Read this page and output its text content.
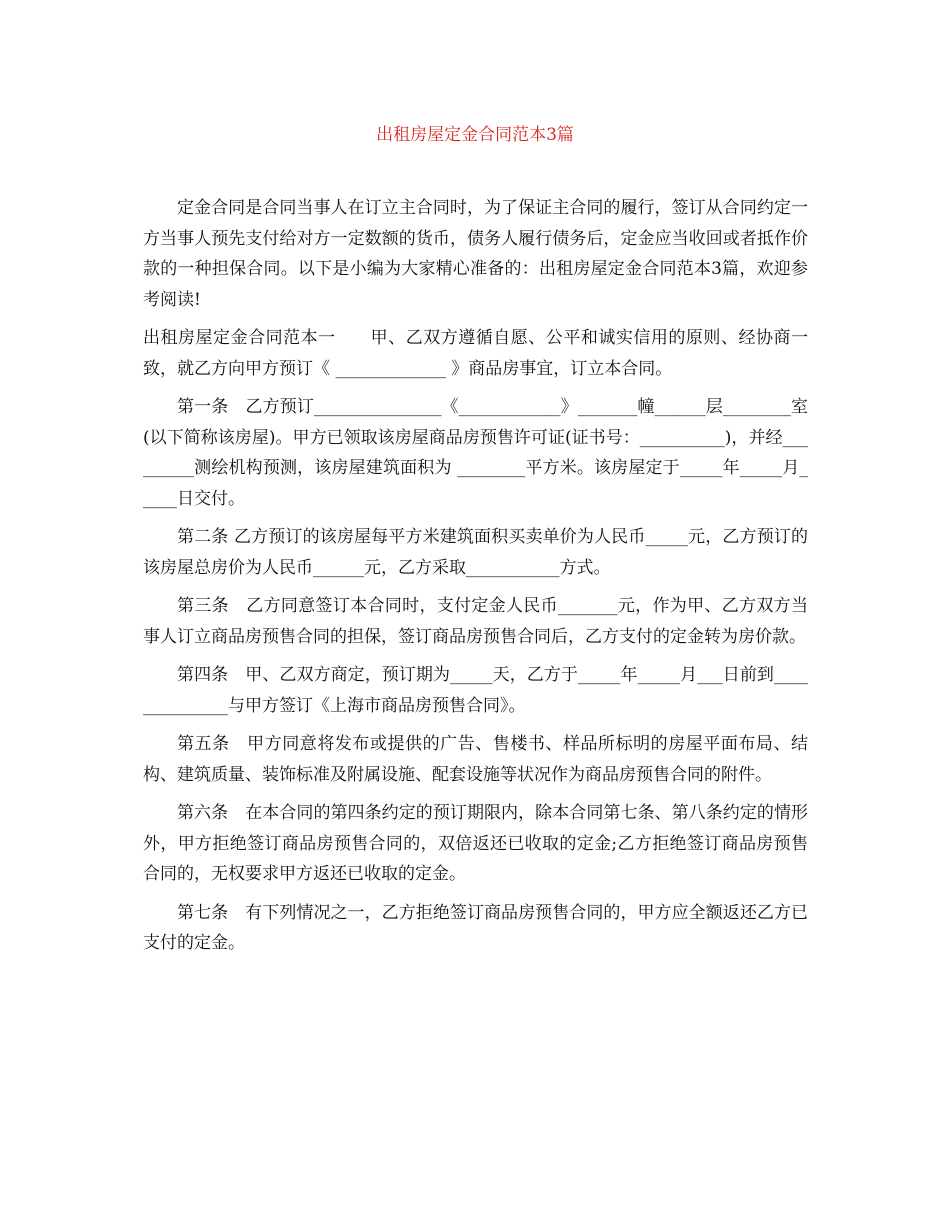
出租房屋定金合同范本3篇

定金合同是合同当事人在订立主合同时，为了保证主合同的履行，签订从合同约定一方当事人预先支付给对方一定数额的货币，债务人履行债务后，定金应当收回或者抵作价款的一种担保合同。以下是小编为大家精心准备的：出租房屋定金合同范本3篇，欢迎参考阅读!

出租房屋定金合同范本一　　甲、乙双方遵循自愿、公平和诚实信用的原则、经协商一致，就乙方向甲方预订《 _____________ 》商品房事宜，订立本合同。

第一条　乙方预订_______________《____________》_______幢______层________室(以下简称该房屋)。甲方已领取该房屋商品房预售许可证(证书号：__________)，并经_________测绘机构预测，该房屋建筑面积为 ________平方米。该房屋定于_____年_____月_____日交付。

第二条 乙方预订的该房屋每平方米建筑面积买卖单价为人民币_____元，乙方预订的该房屋总房价为人民币______元，乙方采取___________方式。

第三条　乙方同意签订本合同时，支付定金人民币_______元，作为甲、乙方双方当事人订立商品房预售合同的担保，签订商品房预售合同后，乙方支付的定金转为房价款。

第四条　甲、乙双方商定，预订期为_____天，乙方于_____年_____月___日前到______________与甲方签订《上海市商品房预售合同》。

第五条　甲方同意将发布或提供的广告、售楼书、样品所标明的房屋平面布局、结构、建筑质量、装饰标准及附属设施、配套设施等状况作为商品房预售合同的附件。

第六条　在本合同的第四条约定的预订期限内，除本合同第七条、第八条约定的情形外，甲方拒绝签订商品房预售合同的，双倍返还已收取的定金;乙方拒绝签订商品房预售合同的，无权要求甲方返还已收取的定金。

第七条　有下列情况之一，乙方拒绝签订商品房预售合同的，甲方应全额返还乙方已支付的定金。
